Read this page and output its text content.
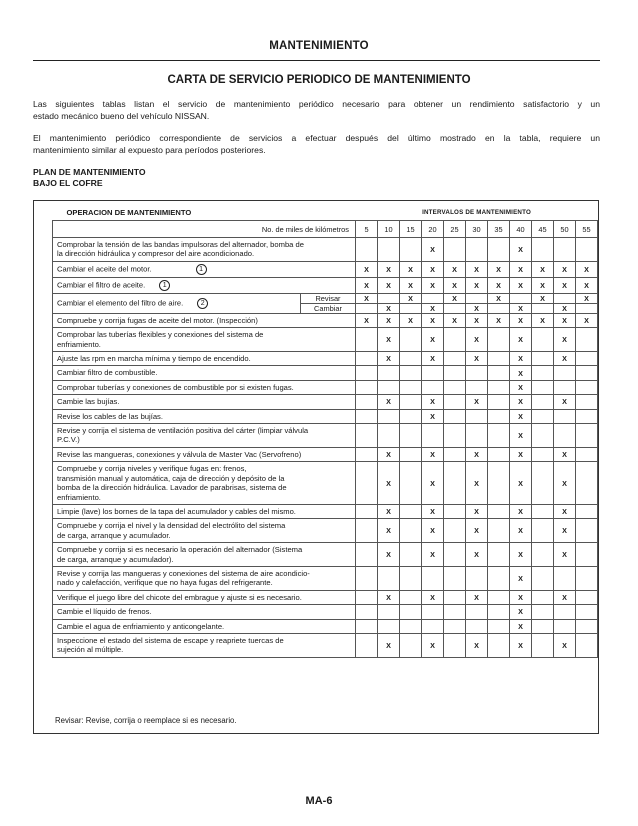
MANTENIMIENTO
CARTA DE SERVICIO PERIODICO DE MANTENIMIENTO
Las siguientes tablas listan el servicio de mantenimiento periódico necesario para obtener un rendimiento satisfactorio y un
estado mecánico bueno del vehículo NISSAN.
El mantenimiento periódico correspondiente de servicios a efectuar después del último mostrado en la tabla, requiere un
mantenimiento similar al expuesto para períodos posteriores.
PLAN DE MANTENIMIENTO
BAJO EL COFRE
OPERACION DE MANTENIMIENTO		INTERVALOS DE MANTENIMIENTO										
No. de miles de kilómetros		5	10	15	20	25	30	35	40	45	50	55

Comprobar la tensión de las bandas impulsoras del alternador, bomba de
la dirección hidráulica y compresor del aire acondicionado.					X				X			
Cambiar el aceite del motor. 1		X	X	X	X	X	X	X	X	X	X	X
Cambiar el filtro de aceite. 1		X	X	X	X	X	X	X	X	X	X	X
Cambiar el elemento del filtro de aire. 2	Revisar	X		X		X		X		X		X
	Cambiar		X		X		X		X		X	

Compruebe y corrija fugas de aceite del motor. (Inspección)		X	X	X	X	X	X	X	X	X	X	X

Comprobar las tuberías flexibles y conexiones del sistema de
enfriamiento.			X		X		X		X		X	

Ajuste las rpm en marcha mínima y tiempo de encendido.			X		X		X		X		X	

Cambiar filtro de combustible.									X			

Comprobar tuberías y conexiones de combustible por si existen fugas.									X			

Cambie las bujías.			X		X		X		X		X	

Revise los cables de las bujías.					X				X			

Revise y corrija el sistema de ventilación positiva del cárter (limpiar válvula
P.C.V.)									X			

Revise las mangueras, conexiones y válvula de Master Vac (Servofreno)			X		X		X		X		X	

Compruebe y corrija niveles y verifique fugas en: frenos,
transmisión manual y automática, caja de dirección y depósito de la
bomba de la dirección hidráulica. Lavador de parabrisas, sistema de
enfriamiento.			X		X		X		X		X	

Limpie (lave) los bornes de la tapa del acumulador y cables del mismo.			X		X		X		X		X	

Compruebe y corrija el nivel y la densidad del electrólito del sistema
de carga, arranque y acumulador.			X		X		X		X		X	

Compruebe y corrija si es necesario la operación del alternador (Sistema
de carga, arranque y acumulador).			X		X		X		X		X	

Revise y corrija las mangueras y conexiones del sistema de aire acondicio-
nado y calefacción, verifique que no haya fugas del refrigerante.									X			

Verifique el juego libre del chicote del embrague y ajuste si es necesario.			X		X		X		X		X	

Cambie el líquido de frenos.									X			

Cambie el agua de enfriamiento y anticongelante.									X			

Inspeccione el estado del sistema de escape y reapriete tuercas de
sujeción al múltiple.			X		X		X		X		X	
Revisar: Revise, corrija o reemplace si es necesario.
MA-6
